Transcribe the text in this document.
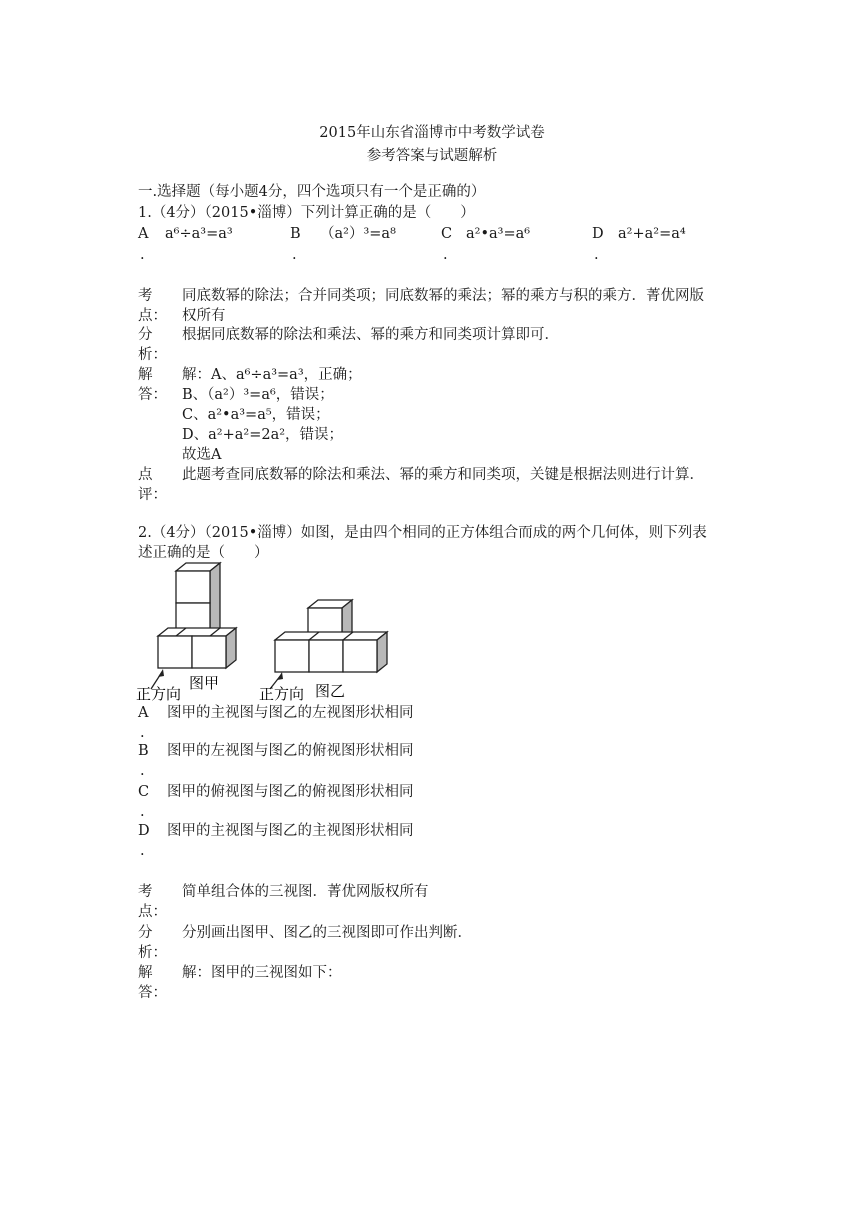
2015年山东省淄博市中考数学试卷
参考答案与试题解析
一.选择题（每小题4分，四个选项只有一个是正确的）
1.（4分）（2015•淄博）下列计算正确的是（　　）
A
.
a⁶÷a³=a³	B
.
（a²）³=a⁸	C
.
a²•a³=a⁶	D
.
a²+a²=a⁴
考
点：
同底数幂的除法；合并同类项；同底数幂的乘法；幂的乘方与积的乘方．菁优网版
权所有
分
析：
根据同底数幂的除法和乘法、幂的乘方和同类项计算即可．
解
答：
解：A、a⁶÷a³=a³，正确；
B、（a²）³=a⁶，错误；
C、a²•a³=a⁵，错误；
D、a²+a²=2a²，错误；
故选A
点
评：
此题考查同底数幂的除法和乘法、幂的乘方和同类项，关键是根据法则进行计算．
2.（4分）（2015•淄博）如图，是由四个相同的正方体组合而成的两个几何体，则下列表
述正确的是（　　）
正方向
图甲
正方向 图乙
A
.
图甲的主视图与图乙的左视图形状相同
B
.
图甲的左视图与图乙的俯视图形状相同
C
.
图甲的俯视图与图乙的俯视图形状相同
D
.
图甲的主视图与图乙的主视图形状相同
考
点：
简单组合体的三视图．菁优网版权所有
分
析：
分别画出图甲、图乙的三视图即可作出判断．
解
答：
解：图甲的三视图如下：
